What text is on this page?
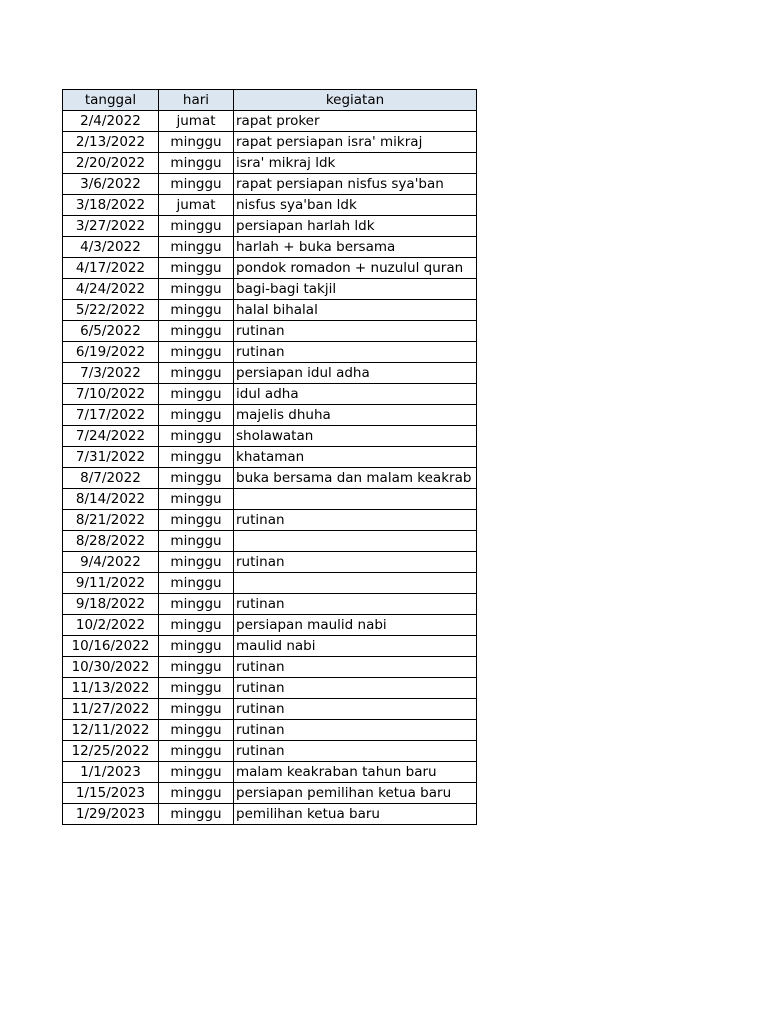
tanggal	hari	kegiatan
2/4/2022	jumat	rapat proker
2/13/2022	minggu	rapat persiapan isra' mikraj
2/20/2022	minggu	isra' mikraj ldk
3/6/2022	minggu	rapat persiapan nisfus sya'ban
3/18/2022	jumat	nisfus sya'ban ldk
3/27/2022	minggu	persiapan harlah ldk
4/3/2022	minggu	harlah + buka bersama
4/17/2022	minggu	pondok romadon + nuzulul quran
4/24/2022	minggu	bagi-bagi takjil
5/22/2022	minggu	halal bihalal
6/5/2022	minggu	rutinan
6/19/2022	minggu	rutinan
7/3/2022	minggu	persiapan idul adha
7/10/2022	minggu	idul adha
7/17/2022	minggu	majelis dhuha
7/24/2022	minggu	sholawatan
7/31/2022	minggu	khataman
8/7/2022	minggu	buka bersama dan malam keakrab
8/14/2022	minggu	
8/21/2022	minggu	rutinan
8/28/2022	minggu	
9/4/2022	minggu	rutinan
9/11/2022	minggu	
9/18/2022	minggu	rutinan
10/2/2022	minggu	persiapan maulid nabi
10/16/2022	minggu	maulid nabi
10/30/2022	minggu	rutinan
11/13/2022	minggu	rutinan
11/27/2022	minggu	rutinan
12/11/2022	minggu	rutinan
12/25/2022	minggu	rutinan
1/1/2023	minggu	malam keakraban tahun baru
1/15/2023	minggu	persiapan pemilihan ketua baru
1/29/2023	minggu	pemilihan ketua baru
